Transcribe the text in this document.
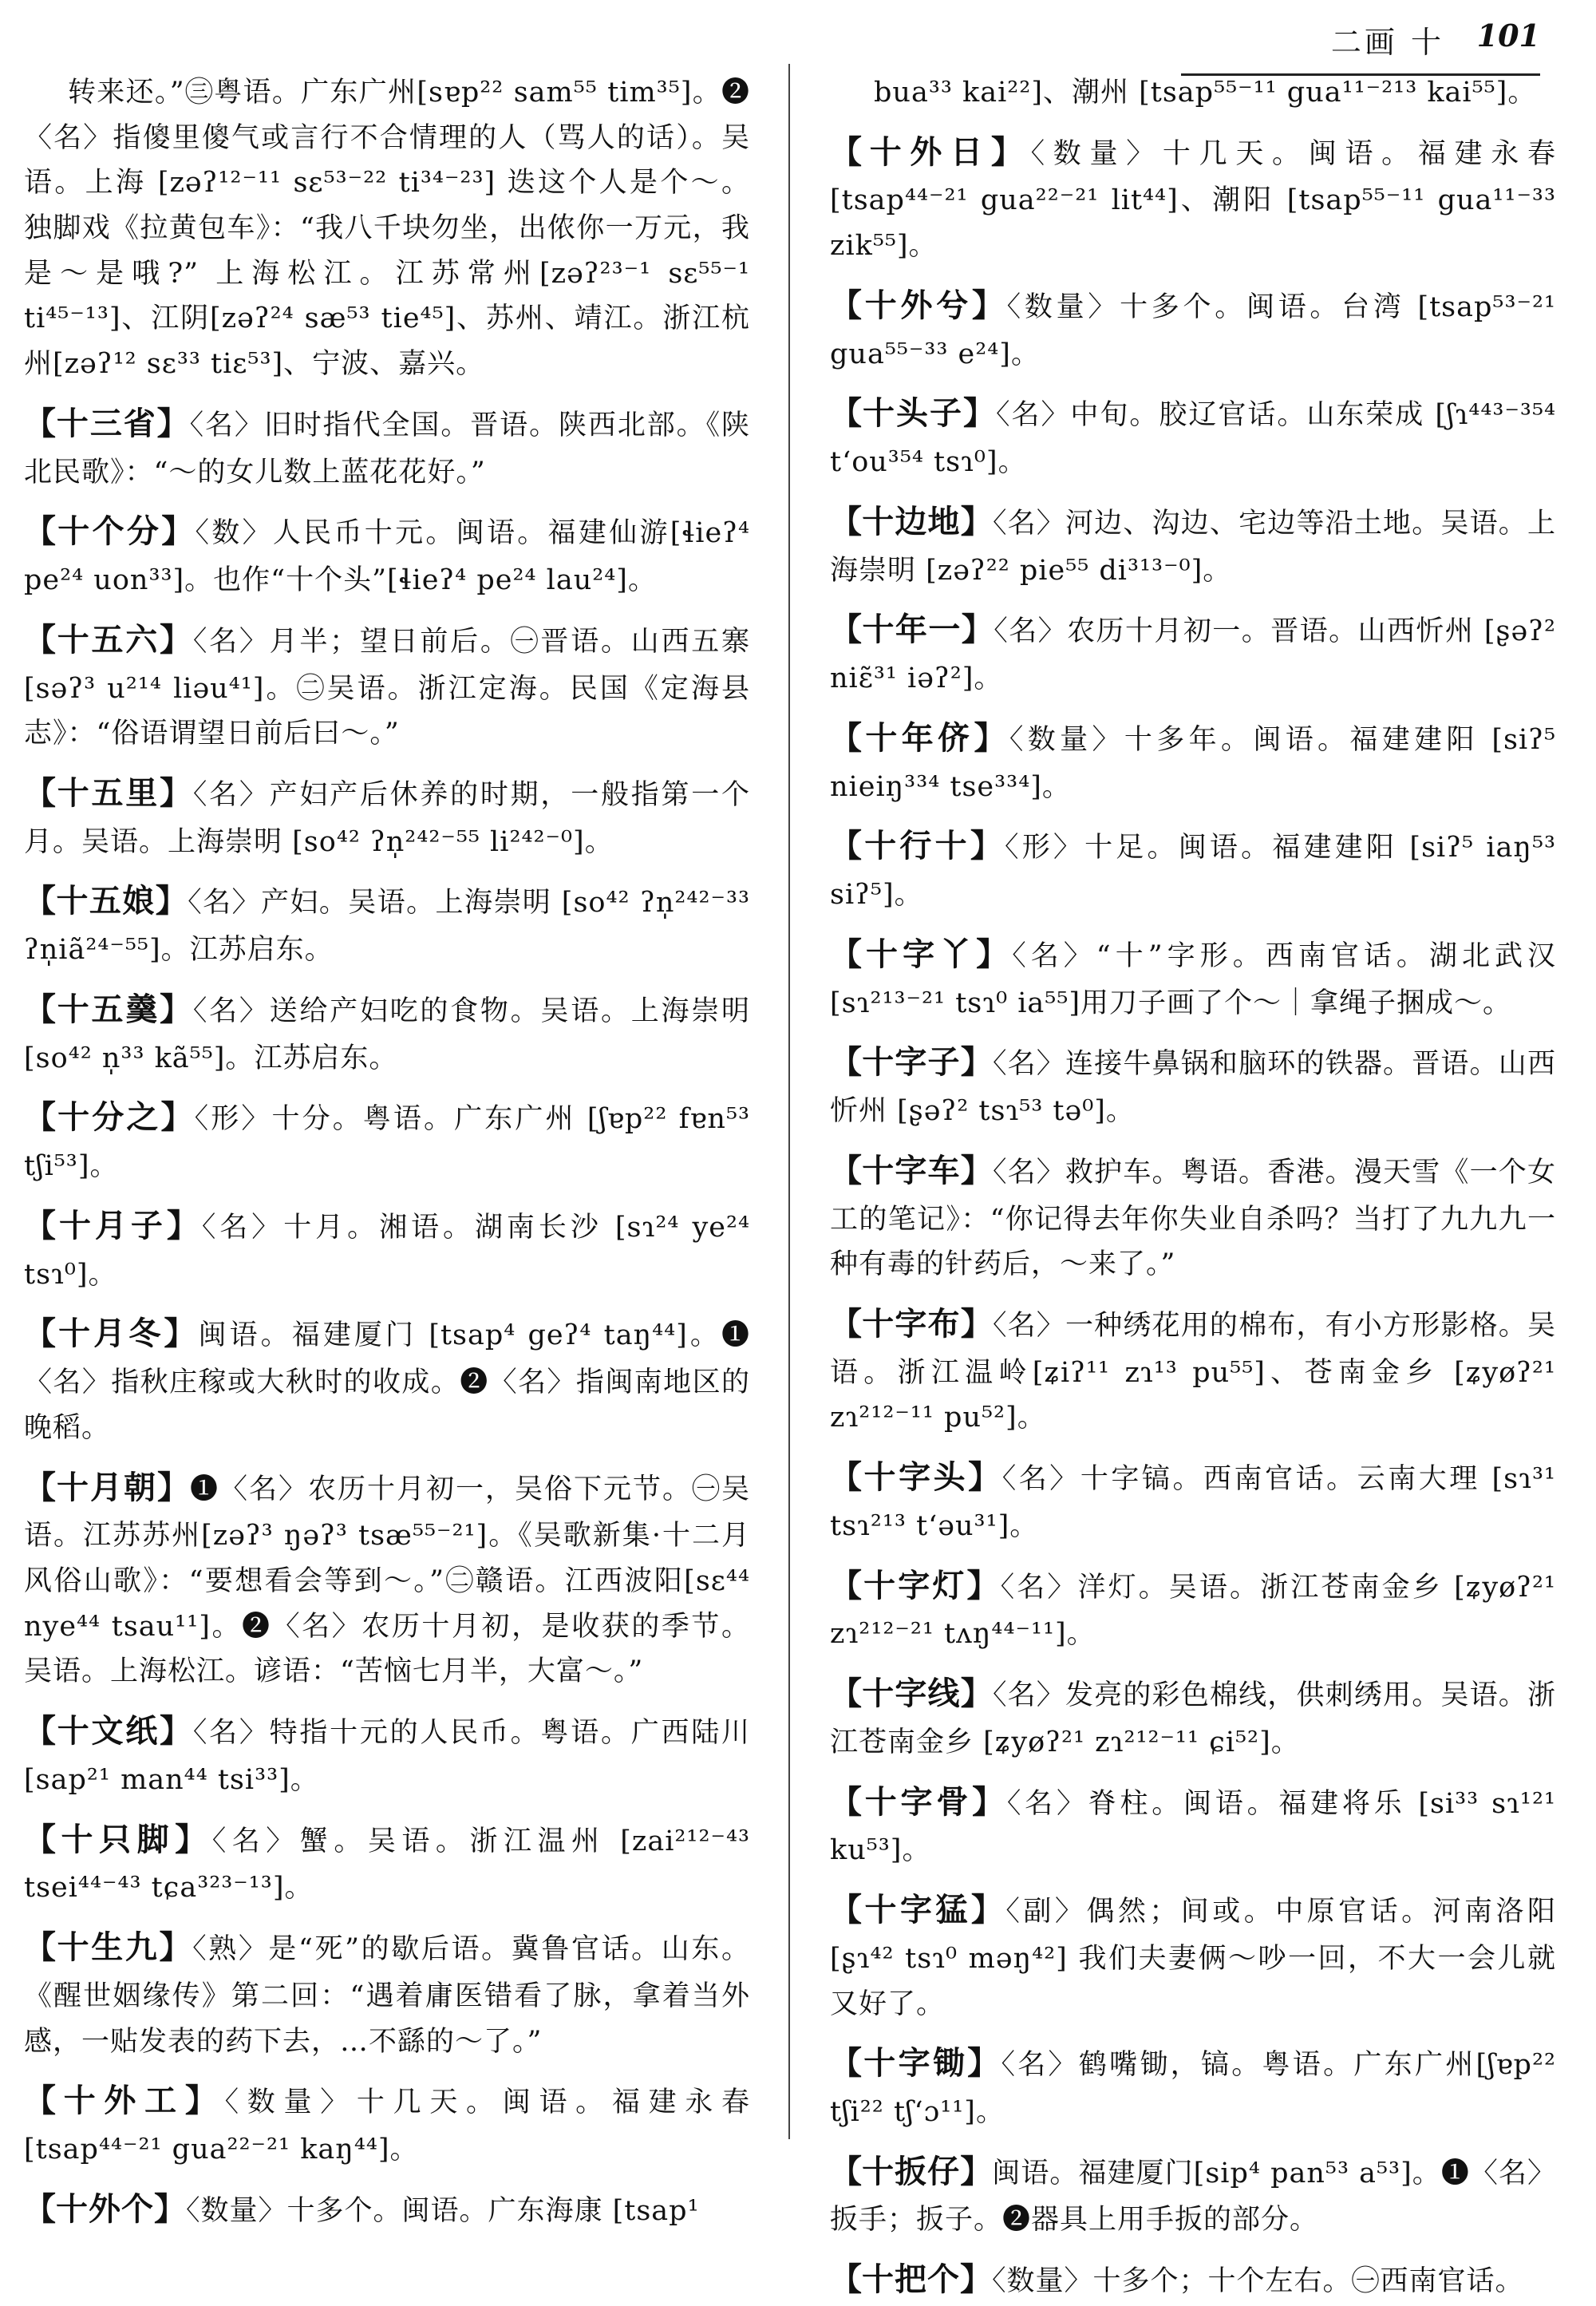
二画 十 101

转来还。”㊂粤语。广东广州[sɐp²² sam⁵⁵ tim³⁵]。❷〈名〉指傻里傻气或言行不合情理的人（骂人的话）。吴语。上海 [zəʔ¹²⁻¹¹ sɛ⁵³⁻²² ti³⁴⁻²³] 迭这个人是个～。独脚戏《拉黄包车》：“我八千块勿坐，出侬你一万元，我是～是哦?” 上海松江。江苏常州[zəʔ²³⁻¹ sɛ⁵⁵⁻¹ ti⁴⁵⁻¹³]、江阴[zəʔ²⁴ sæ⁵³ tie⁴⁵]、苏州、靖江。浙江杭州[zəʔ¹² sɛ³³ tiɛ⁵³]、宁波、嘉兴。

【十三省】〈名〉旧时指代全国。晋语。陕西北部。《陕北民歌》：“～的女儿数上蓝花花好。”

【十个分】〈数〉人民币十元。闽语。福建仙游[ɬieʔ⁴ pe²⁴ uon³³]。也作“十个头”[ɬieʔ⁴ pe²⁴ lau²⁴]。

【十五六】〈名〉月半；望日前后。㊀晋语。山西五寨[səʔ³ u²¹⁴ liəu⁴¹]。㊁吴语。浙江定海。民国《定海县志》：“俗语谓望日前后曰～。”

【十五里】〈名〉产妇产后休养的时期，一般指第一个月。吴语。上海崇明 [so⁴² ʔn̩²⁴²⁻⁵⁵ li²⁴²⁻⁰]。

【十五娘】〈名〉产妇。吴语。上海崇明 [so⁴² ʔn̩²⁴²⁻³³ ʔn̩iã²⁴⁻⁵⁵]。江苏启东。

【十五羹】〈名〉送给产妇吃的食物。吴语。上海崇明 [so⁴² n̩³³ kã⁵⁵]。江苏启东。

【十分之】〈形〉十分。粤语。广东广州 [ʃɐp²² fɐn⁵³ tʃi⁵³]。

【十月子】〈名〉十月。湘语。湖南长沙 [sɿ²⁴ ye²⁴ tsɿ⁰]。

【十月冬】闽语。福建厦门 [tsap⁴ geʔ⁴ taŋ⁴⁴]。❶〈名〉指秋庄稼或大秋时的收成。❷〈名〉指闽南地区的晚稻。

【十月朝】❶〈名〉农历十月初一，吴俗下元节。㊀吴语。江苏苏州[zəʔ³ ŋəʔ³ tsæ⁵⁵⁻²¹]。《吴歌新集·十二月风俗山歌》：“要想看会等到～。”㊁赣语。江西波阳[sɛ⁴⁴ nye⁴⁴ tsau¹¹]。❷〈名〉农历十月初，是收获的季节。吴语。上海松江。谚语：“苦恼七月半，大富～。”

【十文纸】〈名〉特指十元的人民币。粤语。广西陆川 [sap²¹ man⁴⁴ tsi³³]。

【十只脚】〈名〉蟹。吴语。浙江温州 [zai²¹²⁻⁴³ tsei⁴⁴⁻⁴³ tɕa³²³⁻¹³]。

【十生九】〈熟〉是“死”的歇后语。冀鲁官话。山东。《醒世姻缘传》第二回：“遇着庸医错看了脉，拿着当外感，一贴发表的药下去，…不繇的～了。”

【十外工】〈数量〉十几天。闽语。福建永春 [tsap⁴⁴⁻²¹ gua²²⁻²¹ kaŋ⁴⁴]。

【十外个】〈数量〉十多个。闽语。广东海康 [tsap¹

bua³³ kai²²]、潮州 [tsap⁵⁵⁻¹¹ gua¹¹⁻²¹³ kai⁵⁵]。

【十外日】〈数量〉十几天。闽语。福建永春 [tsap⁴⁴⁻²¹ gua²²⁻²¹ lit⁴⁴]、潮阳 [tsap⁵⁵⁻¹¹ gua¹¹⁻³³ zik⁵⁵]。

【十外兮】〈数量〉十多个。闽语。台湾 [tsap⁵³⁻²¹ gua⁵⁵⁻³³ e²⁴]。

【十头子】〈名〉中旬。胶辽官话。山东荣成 [ʃɿ⁴⁴³⁻³⁵⁴ tʻou³⁵⁴ tsɿ⁰]。

【十边地】〈名〉河边、沟边、宅边等沿土地。吴语。上海崇明 [zəʔ²² pie⁵⁵ di³¹³⁻⁰]。

【十年一】〈名〉农历十月初一。晋语。山西忻州 [ʂəʔ² niɛ̃³¹ iəʔ²]。

【十年侪】〈数量〉十多年。闽语。福建建阳 [siʔ⁵ nieiŋ³³⁴ tse³³⁴]。

【十行十】〈形〉十足。闽语。福建建阳 [siʔ⁵ iaŋ⁵³ siʔ⁵]。

【十字丫】〈名〉“十”字形。西南官话。湖北武汉 [sɿ²¹³⁻²¹ tsɿ⁰ ia⁵⁵]用刀子画了个～｜拿绳子捆成～。

【十字子】〈名〉连接牛鼻锅和脑环的铁器。晋语。山西忻州 [ʂəʔ² tsɿ⁵³ tə⁰]。

【十字车】〈名〉救护车。粤语。香港。漫天雪《一个女工的笔记》：“你记得去年你失业自杀吗？当打了九九九一种有毒的针药后，～来了。”

【十字布】〈名〉一种绣花用的棉布，有小方形影格。吴语。浙江温岭[ʑiʔ¹¹ zɿ¹³ pu⁵⁵]、苍南金乡 [ʑyøʔ²¹ zɿ²¹²⁻¹¹ pu⁵²]。

【十字头】〈名〉十字镐。西南官话。云南大理 [sɿ³¹ tsɿ²¹³ tʻəu³¹]。

【十字灯】〈名〉洋灯。吴语。浙江苍南金乡 [ʑyøʔ²¹ zɿ²¹²⁻²¹ tʌŋ⁴⁴⁻¹¹]。

【十字线】〈名〉发亮的彩色棉线，供刺绣用。吴语。浙江苍南金乡 [ʑyøʔ²¹ zɿ²¹²⁻¹¹ ɕi⁵²]。

【十字骨】〈名〉脊柱。闽语。福建将乐 [si³³ sɿ¹²¹ ku⁵³]。

【十字猛】〈副〉偶然；间或。中原官话。河南洛阳 [ʂɿ⁴² tsɿ⁰ məŋ⁴²] 我们夫妻俩～吵一回，不大一会儿就又好了。

【十字锄】〈名〉鹤嘴锄，镐。粤语。广东广州[ʃɐp²² tʃi²² tʃʻɔ¹¹]。

【十扳仔】闽语。福建厦门[sip⁴ pan⁵³ a⁵³]。❶〈名〉扳手；扳子。❷器具上用手扳的部分。

【十把个】〈数量〉十多个；十个左右。㊀西南官话。
